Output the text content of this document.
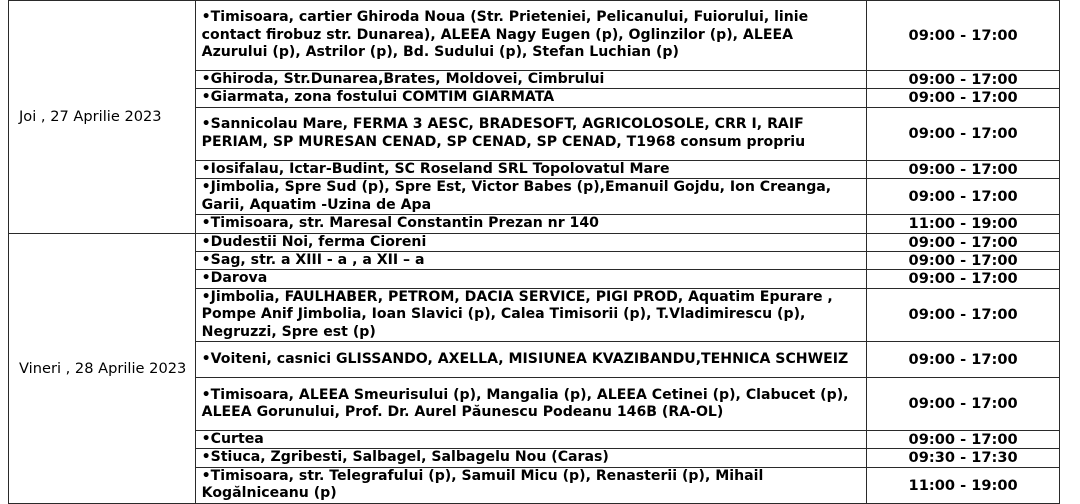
Joi , 27 Aprilie 2023	•Timisoara, cartier Ghiroda Noua (Str. Prieteniei, Pelicanului, Fuiorului, linie contact firobuz str. Dunarea), ALEEA Nagy Eugen (p), Oglinzilor (p), ALEEA Azurului (p), Astrilor (p), Bd. Sudului (p), Stefan Luchian (p)	09:00 - 17:00
	•Ghiroda, Str.Dunarea,Brates, Moldovei, Cimbrului	09:00 - 17:00
	•Giarmata, zona fostului COMTIM GIARMATA	09:00 - 17:00
	•Sannicolau Mare, FERMA 3 AESC, BRADESOFT, AGRICOLOSOLE, CRR I, RAIF PERIAM, SP MURESAN CENAD, SP CENAD, SP CENAD, T1968 consum propriu	09:00 - 17:00
	•Iosifalau, Ictar-Budint, SC Roseland SRL Topolovatul Mare	09:00 - 17:00
	•Jimbolia, Spre Sud (p), Spre Est, Victor Babes (p),Emanuil Gojdu, Ion Creanga, Garii, Aquatim -Uzina de Apa	09:00 - 17:00
	•Timisoara, str. Maresal Constantin Prezan nr 140	11:00 - 19:00
Vineri , 28 Aprilie 2023	•Dudestii Noi, ferma Cioreni	09:00 - 17:00
	•Sag, str. a XIII - a , a XII – a	09:00 - 17:00
	•Darova	09:00 - 17:00
	•Jimbolia, FAULHABER, PETROM, DACIA SERVICE, PIGI PROD, Aquatim Epurare , Pompe Anif Jimbolia, Ioan Slavici (p), Calea Timisorii (p), T.Vladimirescu (p), Negruzzi, Spre est (p)	09:00 - 17:00
	•Voiteni, casnici GLISSANDO, AXELLA, MISIUNEA KVAZIBANDU,TEHNICA SCHWEIZ	09:00 - 17:00
	•Timisoara, ALEEA Smeurisului (p), Mangalia (p), ALEEA Cetinei (p), Clabucet (p), ALEEA Gorunului, Prof. Dr. Aurel Păunescu Podeanu 146B (RA-OL)	09:00 - 17:00
	•Curtea	09:00 - 17:00
	•Stiuca, Zgribesti, Salbagel, Salbagelu Nou (Caras)	09:30 - 17:30
	•Timisoara, str. Telegrafului (p), Samuil Micu (p), Renasterii (p), Mihail Kogălniceanu (p)	11:00 - 19:00
